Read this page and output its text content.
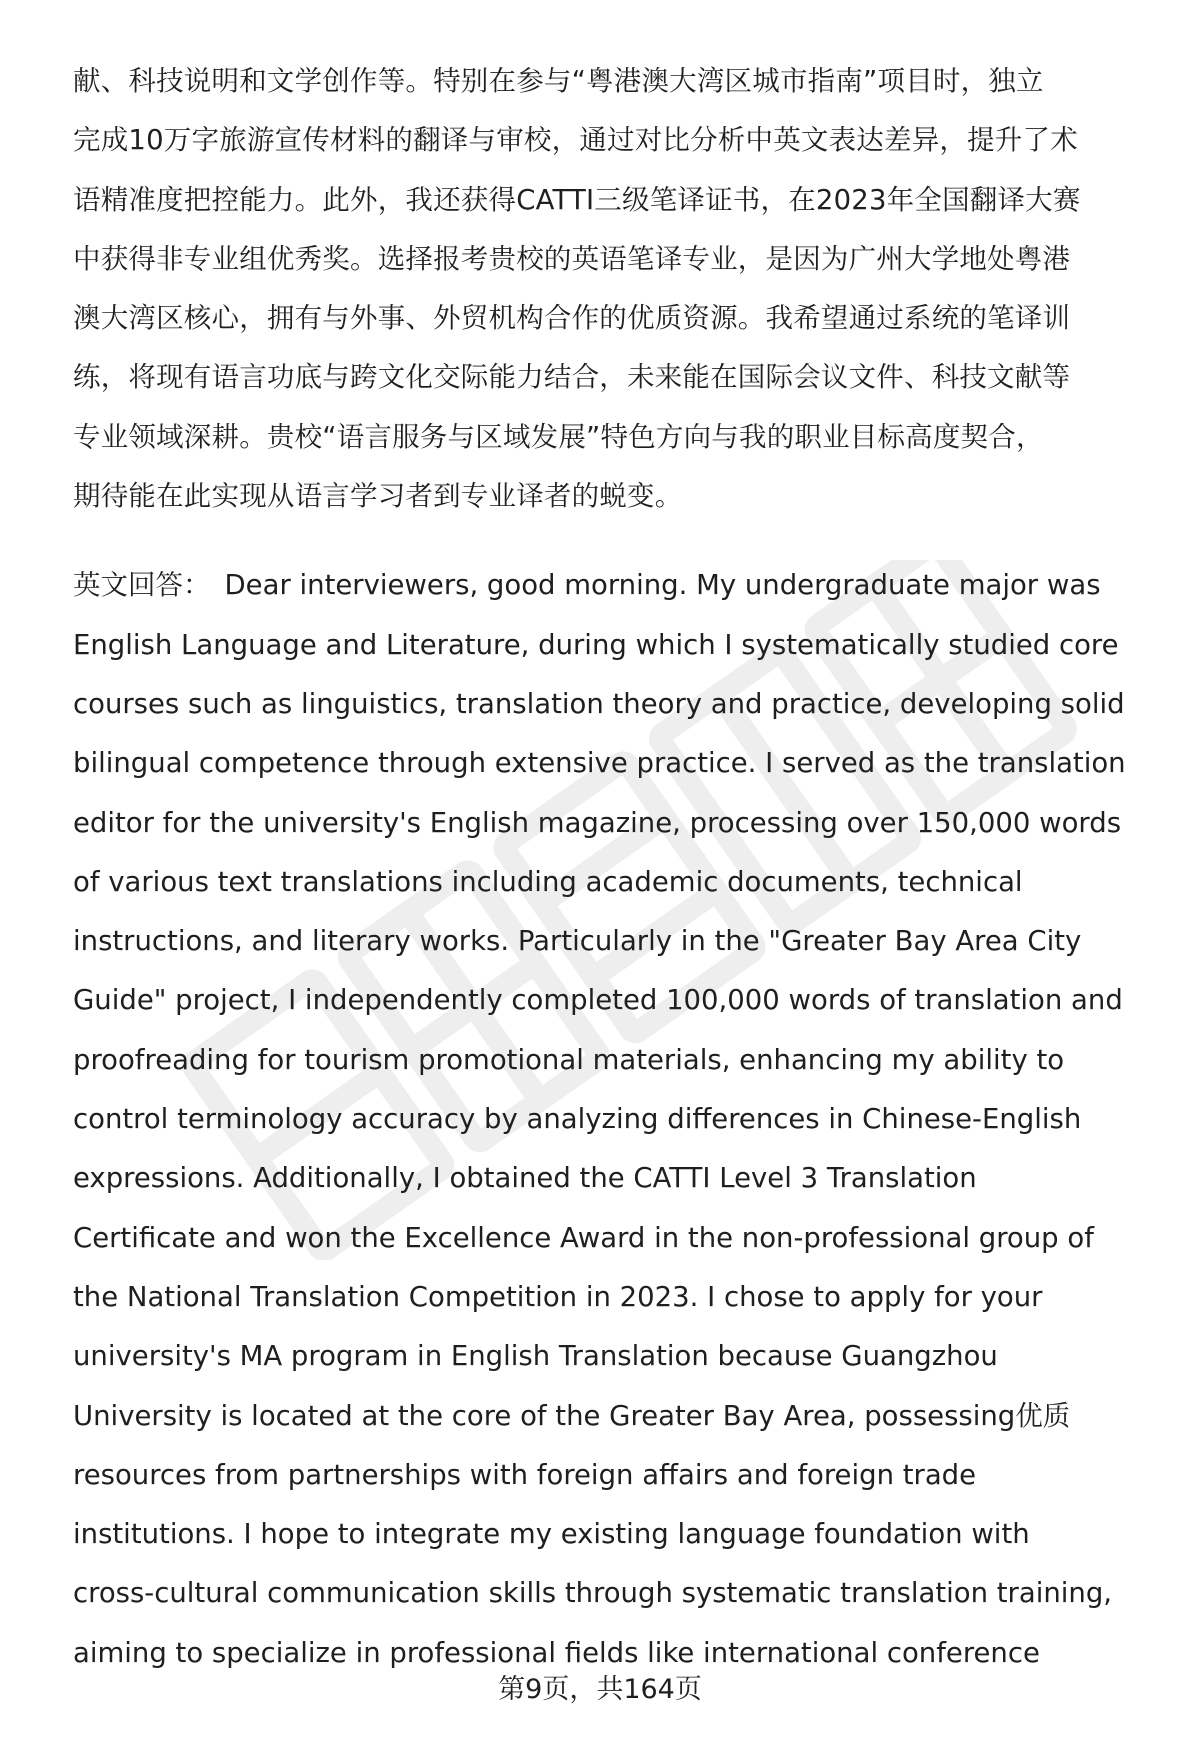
献、科技说明和文学创作等。特别在参与“粤港澳大湾区城市指南”项目时，独立
完成10万字旅游宣传材料的翻译与审校，通过对比分析中英文表达差异，提升了术
语精准度把控能力。此外，我还获得CATTI三级笔译证书，在2023年全国翻译大赛
中获得非专业组优秀奖。选择报考贵校的英语笔译专业，是因为广州大学地处粤港
澳大湾区核心，拥有与外事、外贸机构合作的优质资源。我希望通过系统的笔译训
练，将现有语言功底与跨文化交际能力结合，未来能在国际会议文件、科技文献等
专业领域深耕。贵校“语言服务与区域发展”特色方向与我的职业目标高度契合，
期待能在此实现从语言学习者到专业译者的蜕变。

英文回答： Dear interviewers, good morning. My undergraduate major was
English Language and Literature, during which I systematically studied core
courses such as linguistics, translation theory and practice, developing solid
bilingual competence through extensive practice. I served as the translation
editor for the university's English magazine, processing over 150,000 words
of various text translations including academic documents, technical
instructions, and literary works. Particularly in the "Greater Bay Area City
Guide" project, I independently completed 100,000 words of translation and
proofreading for tourism promotional materials, enhancing my ability to
control terminology accuracy by analyzing differences in Chinese-English
expressions. Additionally, I obtained the CATTI Level 3 Translation
Certificate and won the Excellence Award in the non-professional group of
the National Translation Competition in 2023. I chose to apply for your
university's MA program in English Translation because Guangzhou
University is located at the core of the Greater Bay Area, possessing优质
resources from partnerships with foreign affairs and foreign trade
institutions. I hope to integrate my existing language foundation with
cross-cultural communication skills through systematic translation training,
aiming to specialize in professional fields like international conference

第9页，共164页
